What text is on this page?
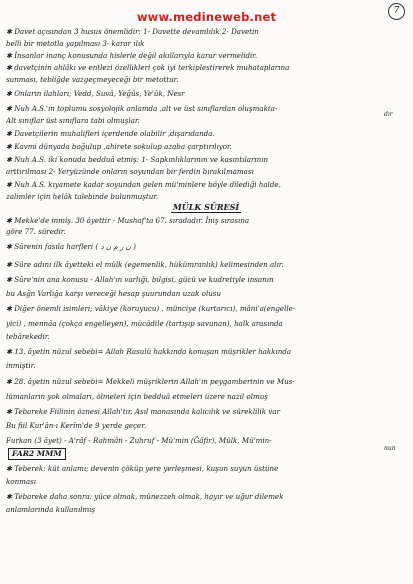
www.medineweb.net	7
✱ Davet açısından 3 husus önemlidir: 1- Davette devamlılık 2- Davetin
belli bir metotla yapılması 3- karar ılık
✱ İnsanlar inanç konusunda hislerle değil akıllarıyla karar vermelidir.
✱ davetçinin ahlâkı ve entlezi özellikleri çok iyi terkiplestirerek muhataplarına
sunması, tebliğde vazgeçmeyeceği bir metottur.
✱ Onların ilahları; Vedd, Suvâ, Yeğûs, Ye'ûk, Nesr
✱ Nuh A.S.'ın toplumu sosyolojik anlamda ,alt ve üst sınıflardan oluşmakta-
dır
Alt sınıflar üst sınıflara tabi olmuşlar.
✱ Davetçilerin muhalifleri içerdende olabilir ,dışarıdanda.
✱ Kavmi dünyada boğulup ,ahirete sokulup azaba çarptırılıyor.
✱ Nuh A.S. iki konuda bedduâ etmiş: 1- Sapkınlıklarının ve kasıntılarının
arttırılması 2- Yeryüzünde onların soyundan bir ferdin bırakılmaması
✱ Nuh A.S. kıyamete kadar soyundan gelen mü'minlere böyle dilediği halde,
zalimler için helâk talebinde bulunmuştur.
MÜLK SÛRESİ
✱ Mekke'de inmiş. 30 âyettir - Mushaf'ta 67. sıradadır. İniş sırasına
göre 77. süredir.
✱ Sûrenin fasıla harfleri ( ﻥ ﺭ ﻡ ﻥ ﺩ )
✱ Süre adını ilk âyetteki el mülk (egemenlik, hükümranlık) kelimesinden alır.
✱ Sûre'nin ana konusu - Allah'ın varlığı, bilgisi, gücü ve kudretiyle insanın
bu Asğn Varlığa karşı vereceği hesap şuurundan uzak olusu
✱ Diğer önemli isimleri; vâkiye (koruyucu) , münciye (kurtarıcı), mâni'a(engelle-
yici) , mennâa (çokça engelleyen), mücâdile (tartışıp savunan), halk arasında
tebârekedir.
✱ 13. âyetin nüzul sebebi= Allah Rasulü hakkında konuşan müşrikler hakkında
inmiştir.
✱ 28. âyetin nüzul sebebi= Mekkeli müşriklerin Allah'ın peygamberinin ve Mus-
lümanların yok olmaları, ölmeleri için bedduâ etmeleri üzere nazil olmuş
✱ Tebareke Fiilinin öznesi Allah'tır. Asıl manasında kalıcılık ve süreklilik var
Bu fiil Kur'ân-ı Kerîm'de 9 yerde geçer.
Furkan (3 âyet) - A'râf - Rahmân - Zuhruf - Mü'min (Ğâfir), Mülk, Mü'min-
nun
FAR2 MMM
✱ Teberek: küt anlamı; devenin çöküp yere yerleşmesi, kuşun suyun üstüne
konması
✱ Tebareke daha sonra: yüce olmak, münezzeh olmak, hayır ve uğur dilemek
anlamlarında kullanılmış
